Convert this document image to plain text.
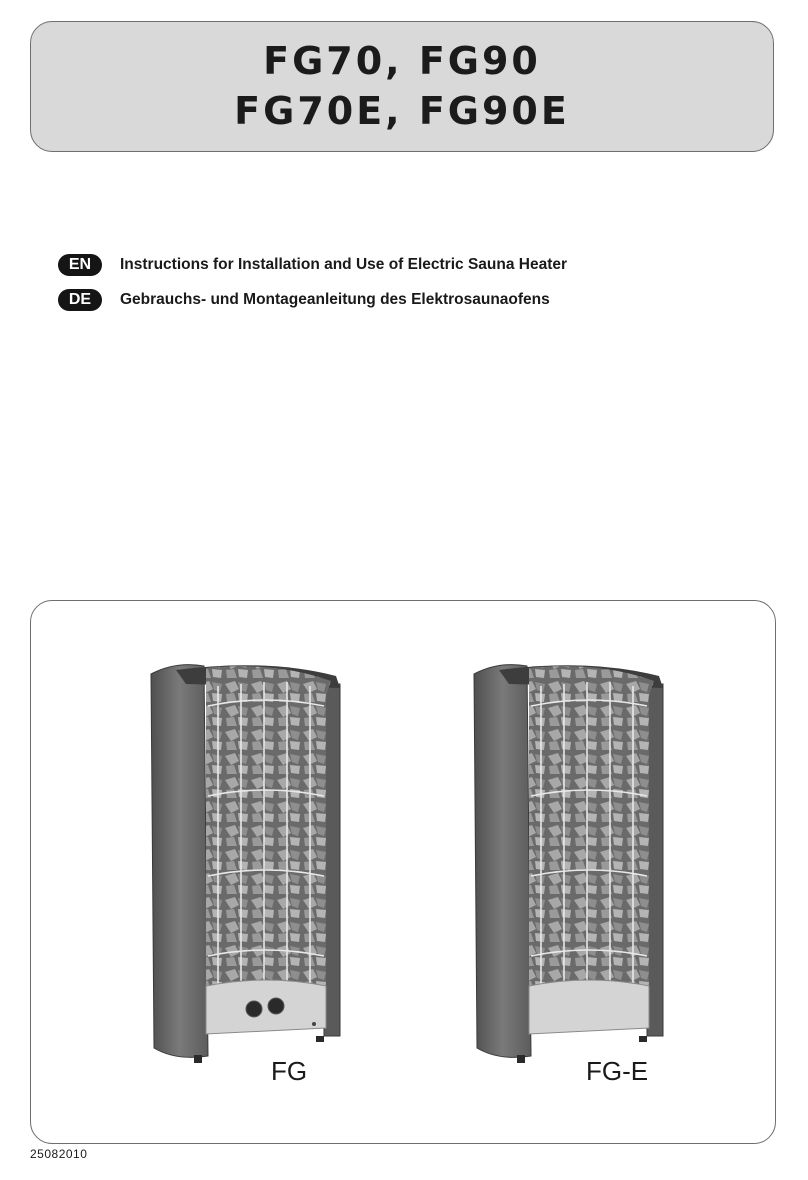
FG70, FG90
FG70E, FG90E
EN	Instructions for Installation and Use of Electric Sauna Heater
DE	Gebrauchs- und Montageanleitung des Elektrosaunaofens
FG	FG-E
25082010
